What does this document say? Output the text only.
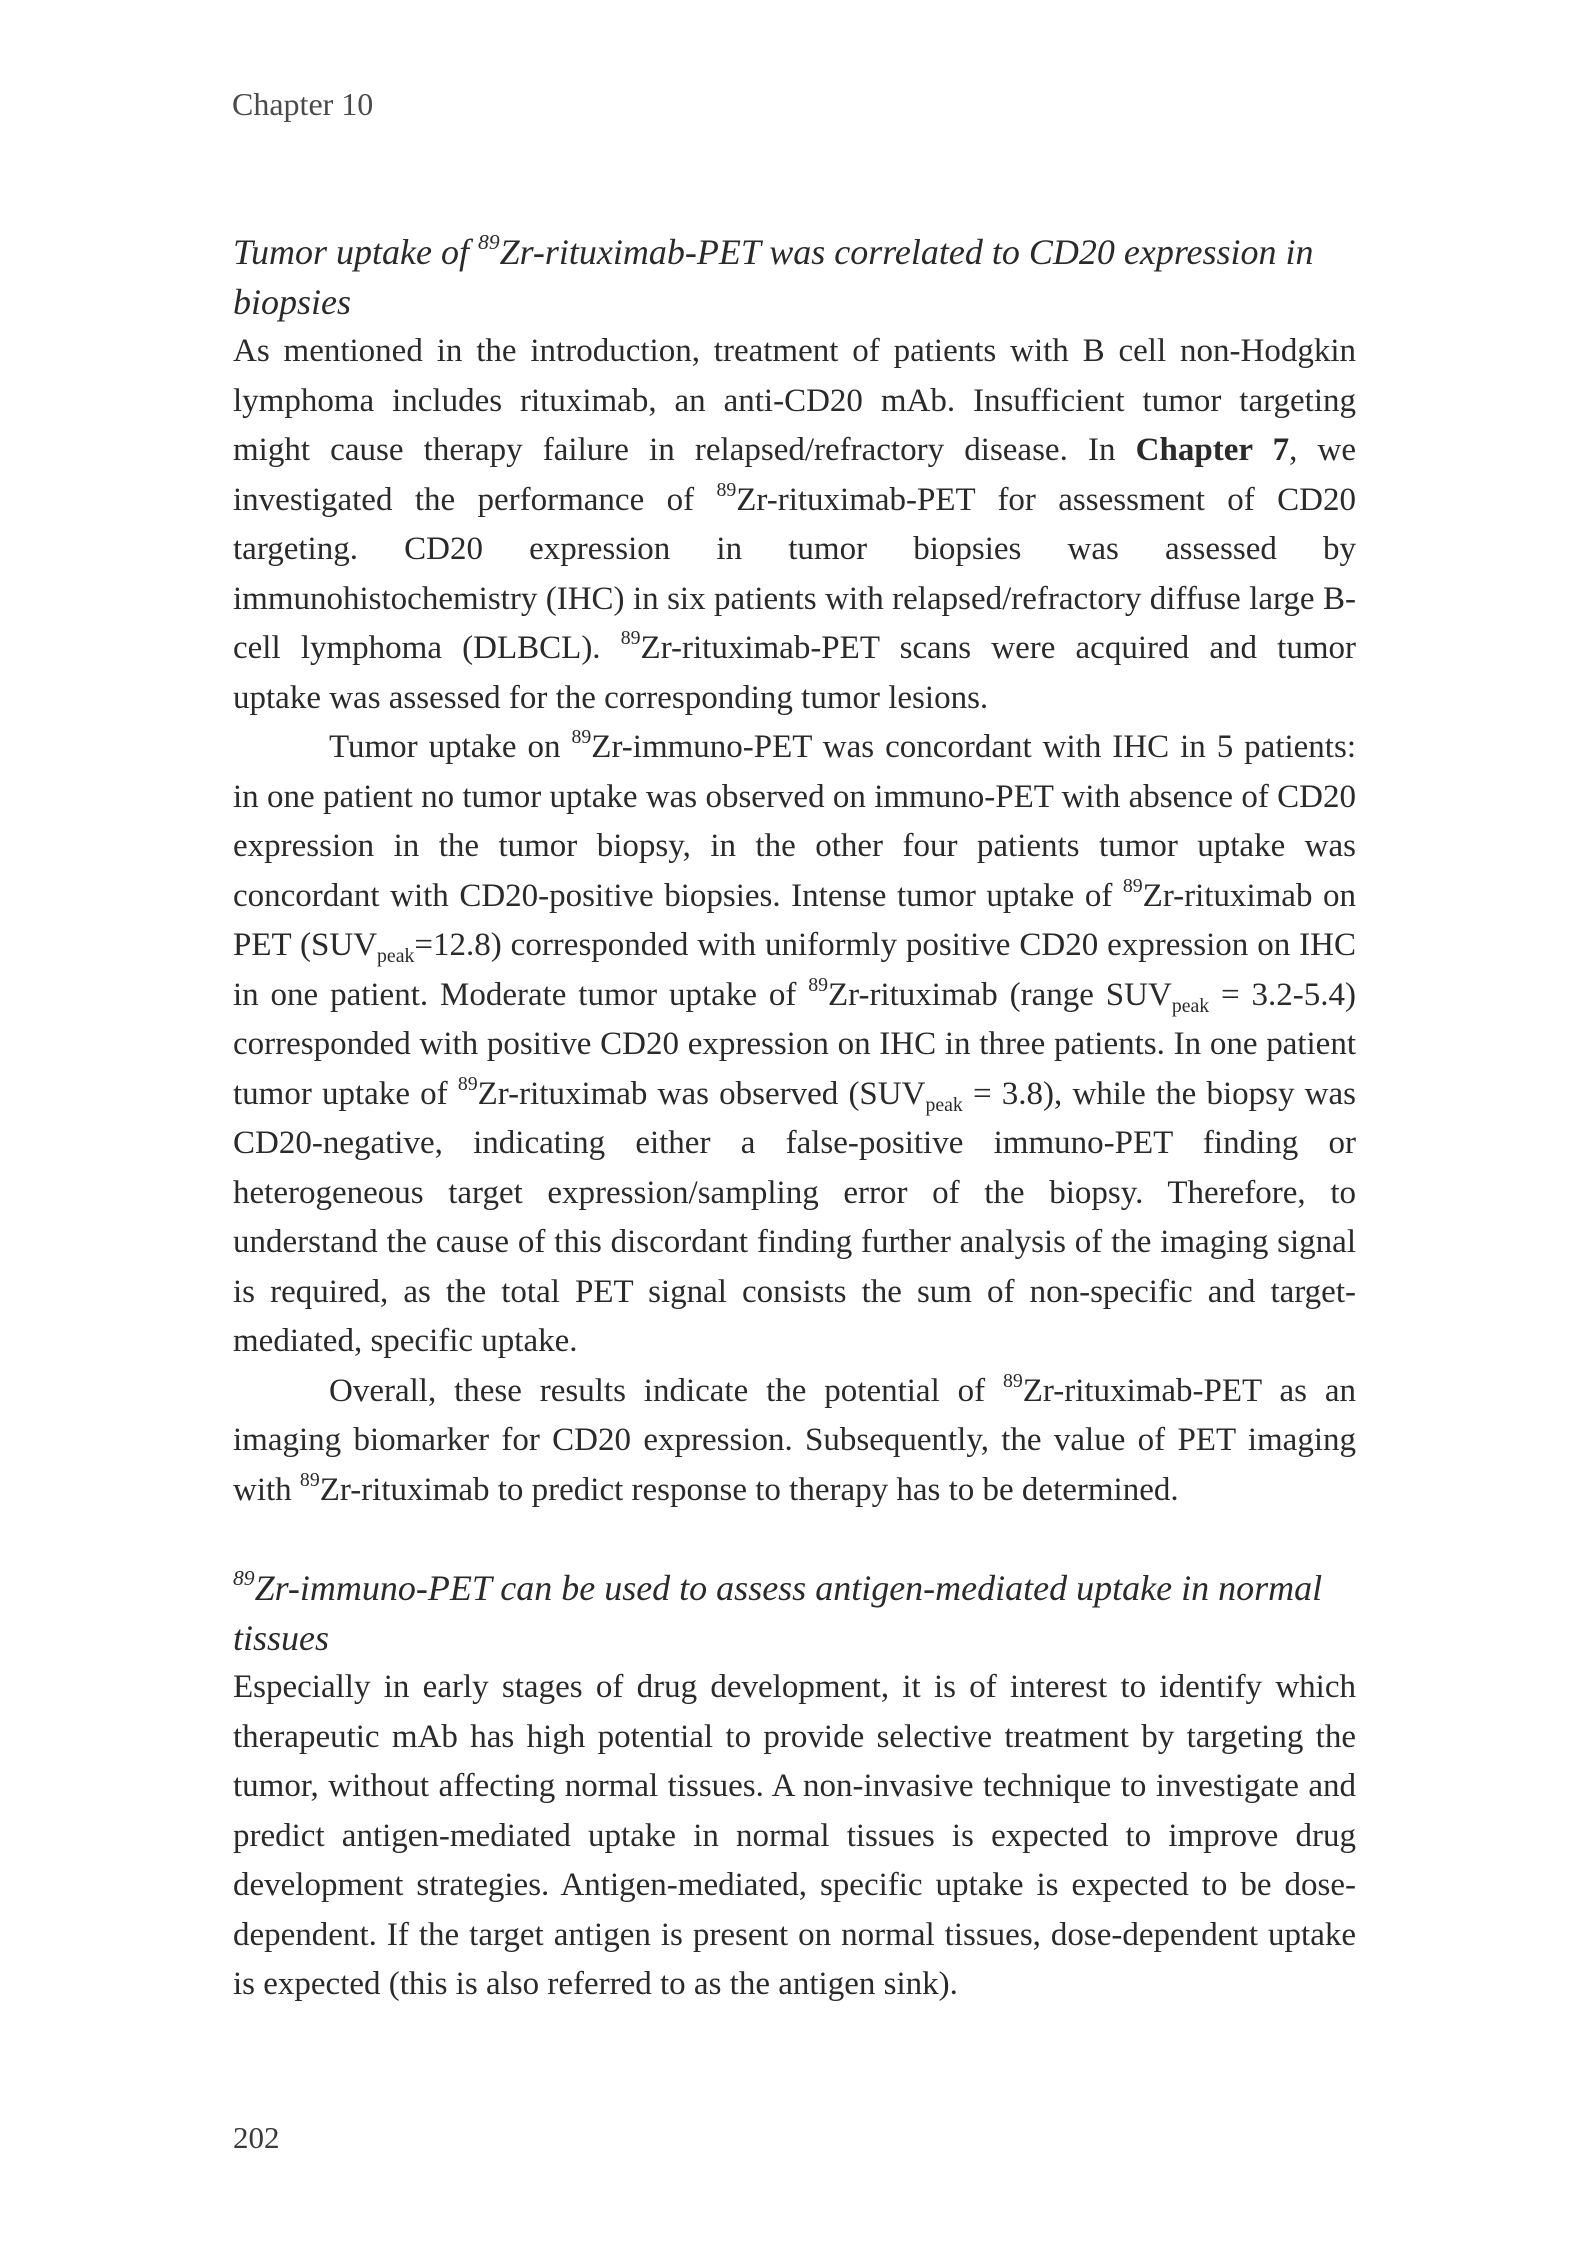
Chapter 10
Tumor uptake of $^{89}$Zr-rituximab-PET was correlated to CD20 expression in biopsies

As mentioned in the introduction, treatment of patients with B cell non-Hodgkin lymphoma includes rituximab, an anti-CD20 mAb. Insufficient tumor targeting might cause therapy failure in relapsed/refractory disease. In Chapter 7, we investigated the performance of $^{89}$Zr-rituximab-PET for assessment of CD20 targeting. CD20 expression in tumor biopsies was assessed by immunohistochemistry (IHC) in six patients with relapsed/refractory diffuse large B-cell lymphoma (DLBCL). $^{89}$Zr-rituximab-PET scans were acquired and tumor uptake was assessed for the corresponding tumor lesions.

Tumor uptake on $^{89}$Zr-immuno-PET was concordant with IHC in 5 patients: in one patient no tumor uptake was observed on immuno-PET with absence of CD20 expression in the tumor biopsy, in the other four patients tumor uptake was concordant with CD20-positive biopsies. Intense tumor uptake of $^{89}$Zr-rituximab on PET $(SUV_{peak}=12.8)$ corresponded with uniformly positive CD20 expression on IHC in one patient. Moderate tumor uptake of $^{89}$Zr-rituximab (range $SUV_{peak} = 3.2-5.4$) corresponded with positive CD20 expression on IHC in three patients. In one patient tumor uptake of $^{89}$Zr-rituximab was observed $(SUV_{peak} = 3.8)$, while the biopsy was CD20-negative, indicating either a false-positive immuno-PET finding or heterogeneous target expression/sampling error of the biopsy. Therefore, to understand the cause of this discordant finding further analysis of the imaging signal is required, as the total PET signal consists the sum of non-specific and target-mediated, specific uptake.

Overall, these results indicate the potential of $^{89}$Zr-rituximab-PET as an imaging biomarker for CD20 expression. Subsequently, the value of PET imaging with $^{89}$Zr-rituximab to predict response to therapy has to be determined.

$^{89}$Zr-immuno-PET can be used to assess antigen-mediated uptake in normal tissues

Especially in early stages of drug development, it is of interest to identify which therapeutic mAb has high potential to provide selective treatment by targeting the tumor, without affecting normal tissues. A non-invasive technique to investigate and predict antigen-mediated uptake in normal tissues is expected to improve drug development strategies. Antigen-mediated, specific uptake is expected to be dose-dependent. If the target antigen is present on normal tissues, dose-dependent uptake is expected (this is also referred to as the antigen sink).

202
